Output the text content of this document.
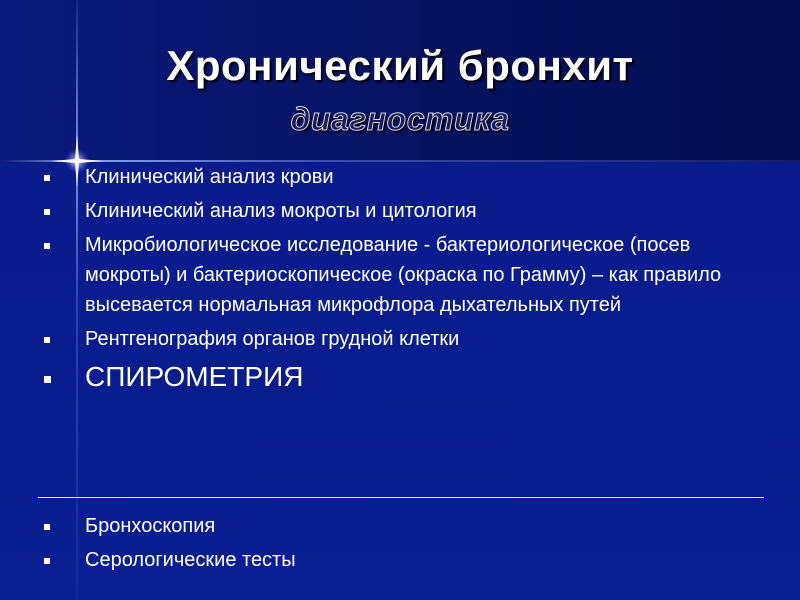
Хронический бронхит
диагностика
Клинический анализ крови
Клинический анализ мокроты и цитология
Микробиологическое исследование - бактериологическое (посев мокроты) и бактериоскопическое (окраска по Грамму) – как правило высевается нормальная микрофлора дыхательных путей
Рентгенография органов грудной клетки
СПИРОМЕТРИЯ
Бронхоскопия
Серологические тесты
